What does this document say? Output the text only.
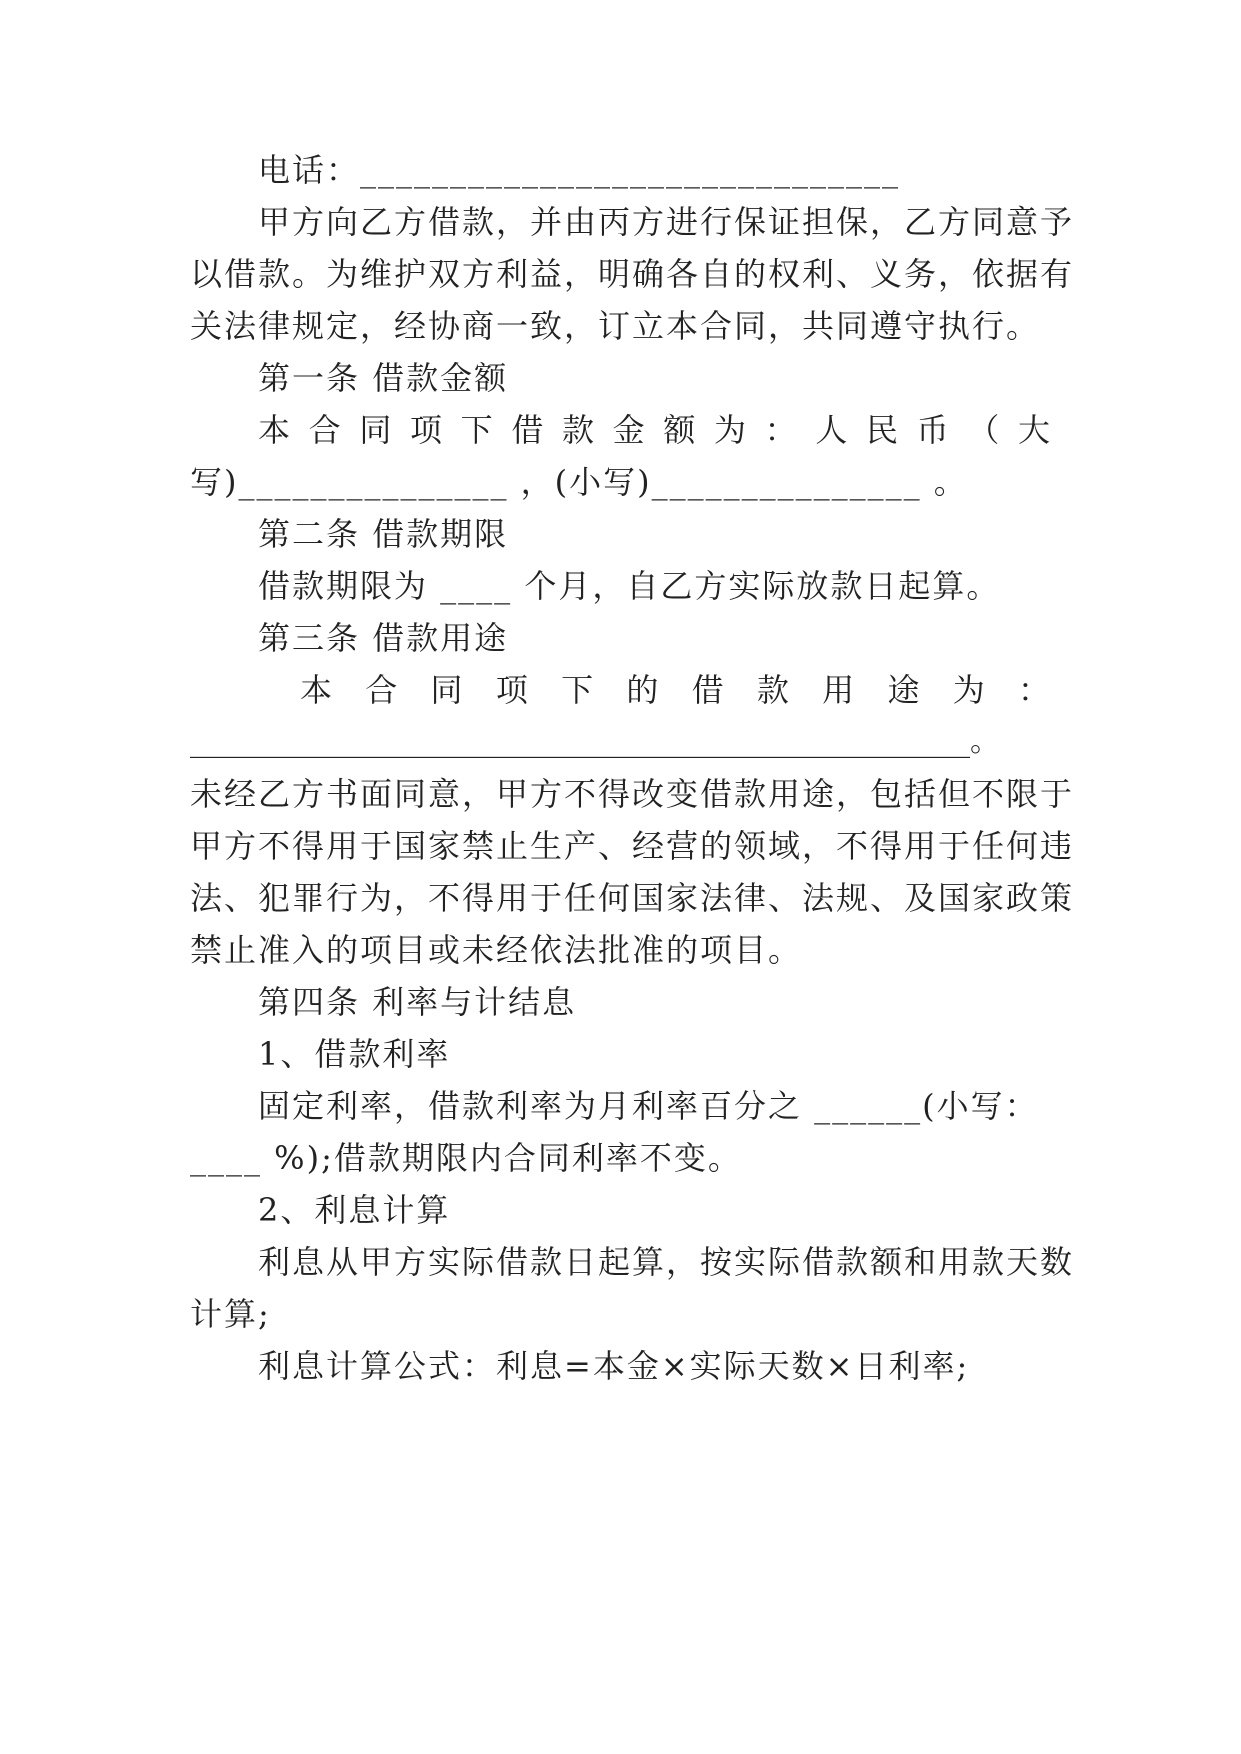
电话：______________________________

甲方向乙方借款，并由丙方进行保证担保，乙方同意予

以借款。为维护双方利益，明确各自的权利、义务，依据有

关法律规定，经协商一致，订立本合同，共同遵守执行。

第一条 借款金额

本合同项下借款金额为：人民币（大

写)_______________ ，(小写)_______________ 。

第二条 借款期限

借款期限为 ____ 个月，自乙方实际放款日起算。

第三条 借款用途

本合同项下的借款用途为：

____________________________________________________。

未经乙方书面同意，甲方不得改变借款用途，包括但不限于

甲方不得用于国家禁止生产、经营的领域，不得用于任何违

法、犯罪行为，不得用于任何国家法律、法规、及国家政策

禁止准入的项目或未经依法批准的项目。

第四条 利率与计结息

1、借款利率

固定利率，借款利率为月利率百分之 ______(小写：

____ %);借款期限内合同利率不变。

2、利息计算

利息从甲方实际借款日起算，按实际借款额和用款天数

计算;

利息计算公式：利息=本金×实际天数×日利率;
